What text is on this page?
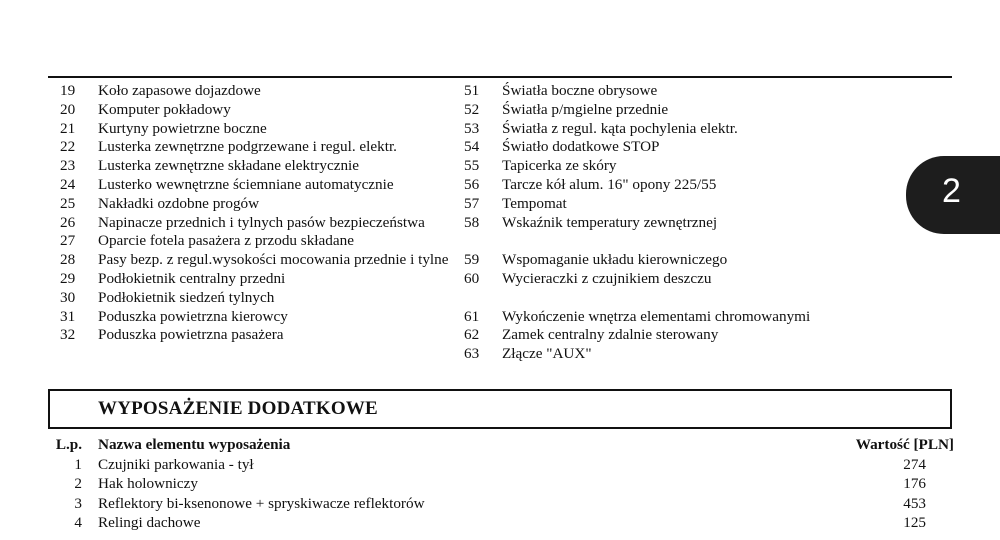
19	Koło zapasowe dojazdowe
20	Komputer pokładowy
21	Kurtyny powietrzne boczne
22	Lusterka zewnętrzne podgrzewane i regul. elektr.
23	Lusterka zewnętrzne składane elektrycznie
24	Lusterko wewnętrzne ściemniane automatycznie
25	Nakładki ozdobne progów
26	Napinacze przednich i tylnych pasów bezpieczeństwa
27	Oparcie fotela pasażera z przodu składane
28	Pasy bezp. z regul.wysokości mocowania przednie i tylne
29	Podłokietnik centralny przedni
30	Podłokietnik siedzeń tylnych
31	Poduszka powietrzna kierowcy
32	Poduszka powietrzna pasażera
51	Światła boczne obrysowe
52	Światła p/mgielne przednie
53	Światła z regul. kąta pochylenia elektr.
54	Światło dodatkowe STOP
55	Tapicerka ze skóry
56	Tarcze kół alum. 16" opony 225/55
57	Tempomat
58	Wskaźnik temperatury zewnętrznej
59	Wspomaganie układu kierowniczego
60	Wycieraczki z czujnikiem deszczu
61	Wykończenie wnętrza elementami chromowanymi
62	Zamek centralny zdalnie sterowany
63	Złącze "AUX"
WYPOSAŻENIE DODATKOWE
L.p. Nazwa elementu wyposażenia	Wartość [PLN]
1 Czujniki parkowania - tył	274
2 Hak holowniczy	176
3 Reflektory bi-ksenonowe + spryskiwacze reflektorów	453
4 Relingi dachowe	125
2
